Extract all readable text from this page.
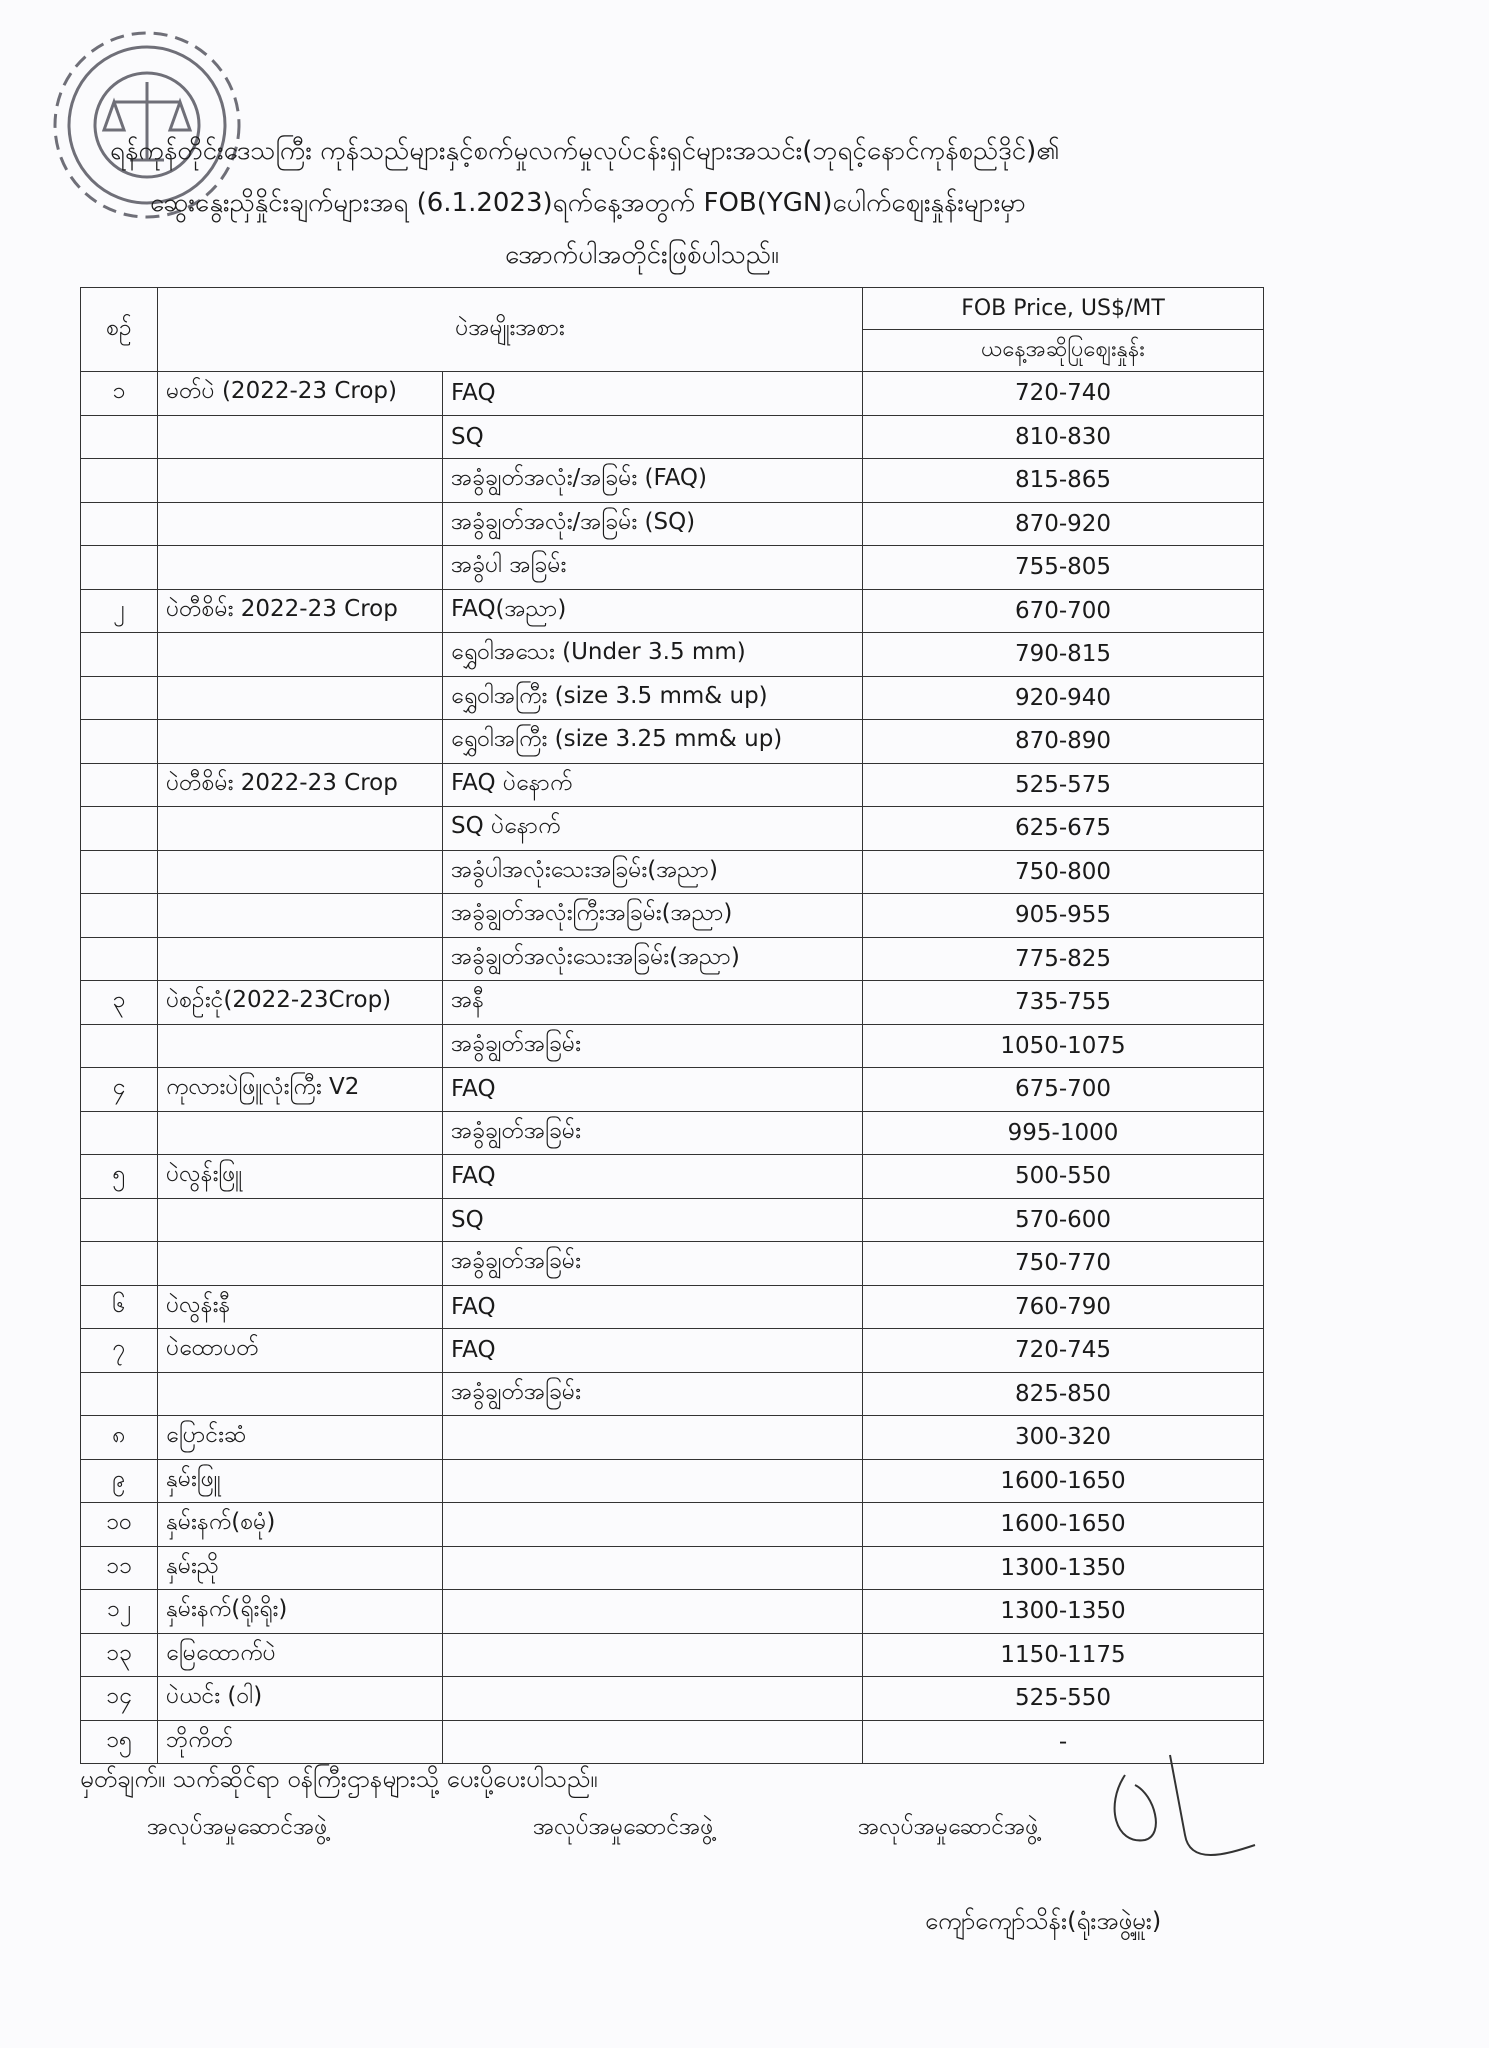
ရန်ကုန်တိုင်းဒေသကြီး ကုန်သည်များနှင့်စက်မှုလက်မှုလုပ်ငန်းရှင်များအသင်း(ဘုရင့်နောင်ကုန်စည်ဒိုင်)၏
ဆွေးနွေးညှိနှိုင်းချက်များအရ (6.1.2023)ရက်နေ့အတွက် FOB(YGN)ပေါက်ဈေးနှုန်းများမှာ
အောက်ပါအတိုင်းဖြစ်ပါသည်။
စဉ်	ပဲအမျိုးအစား		FOB Price, US$/MT
			ယနေ့အဆိုပြုဈေးနှုန်း
၁	မတ်ပဲ (2022-23 Crop)	FAQ	720-740
		SQ	810-830
		အခွံချွတ်အလုံး/အခြမ်း (FAQ)	815-865
		အခွံချွတ်အလုံး/အခြမ်း (SQ)	870-920
		အခွံပါ အခြမ်း	755-805
၂	ပဲတီစိမ်း 2022-23 Crop	FAQ(အညာ)	670-700
		ရွှေဝါအသေး (Under 3.5 mm)	790-815
		ရွှေဝါအကြီး (size 3.5 mm& up)	920-940
		ရွှေဝါအကြီး (size 3.25 mm& up)	870-890
	ပဲတီစိမ်း 2022-23 Crop	FAQ ပဲနောက်	525-575
		SQ ပဲနောက်	625-675
		အခွံပါအလုံးသေးအခြမ်း(အညာ)	750-800
		အခွံချွတ်အလုံးကြီးအခြမ်း(အညာ)	905-955
		အခွံချွတ်အလုံးသေးအခြမ်း(အညာ)	775-825
၃	ပဲစဉ်းငုံ(2022-23Crop)	အနီ	735-755
		အခွံချွတ်အခြမ်း	1050-1075
၄	ကုလားပဲဖြူလုံးကြီး V2	FAQ	675-700
		အခွံချွတ်အခြမ်း	995-1000
၅	ပဲလွန်းဖြူ	FAQ	500-550
		SQ	570-600
		အခွံချွတ်အခြမ်း	750-770
၆	ပဲလွန်းနီ	FAQ	760-790
၇	ပဲထောပတ်	FAQ	720-745
		အခွံချွတ်အခြမ်း	825-850
၈	ပြောင်းဆံ		300-320
၉	နှမ်းဖြူ		1600-1650
၁၀	နှမ်းနက်(စမုံ)		1600-1650
၁၁	နှမ်းညို		1300-1350
၁၂	နှမ်းနက်(ရိုးရိုး)		1300-1350
၁၃	မြေထောက်ပဲ		1150-1175
၁၄	ပဲယင်း (ဝါ)		525-550
၁၅	ဘိုကိတ်		-
မှတ်ချက်။ သက်ဆိုင်ရာ ဝန်ကြီးဌာနများသို့ ပေးပို့ပေးပါသည်။
အလုပ်အမှုဆောင်အဖွဲ့	အလုပ်အမှုဆောင်အဖွဲ့	အလုပ်အမှုဆောင်အဖွဲ့
ကျော်ကျော်သိန်း(ရုံးအဖွဲ့မှူး)
